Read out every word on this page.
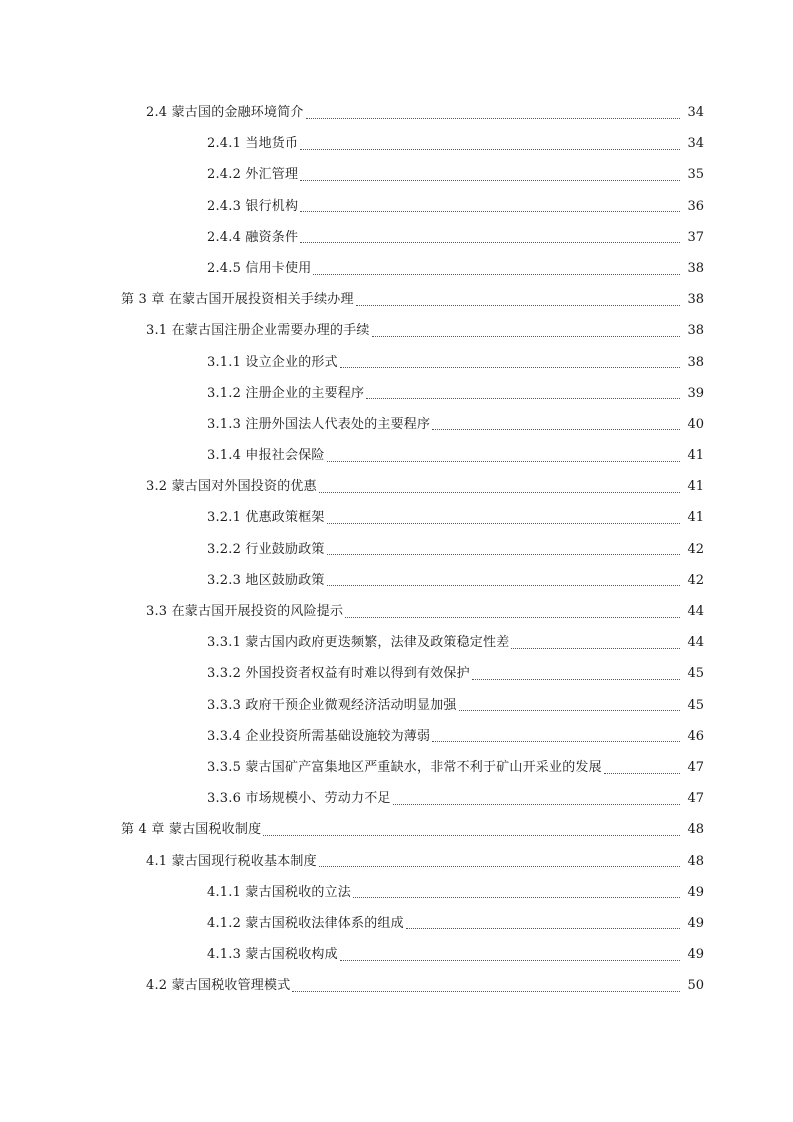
2.4 蒙古国的金融环境简介	34
2.4.1 当地货币	34
2.4.2 外汇管理	35
2.4.3 银行机构	36
2.4.4 融资条件	37
2.4.5 信用卡使用	38
第 3 章 在蒙古国开展投资相关手续办理	38
3.1 在蒙古国注册企业需要办理的手续	38
3.1.1 设立企业的形式	38
3.1.2 注册企业的主要程序	39
3.1.3 注册外国法人代表处的主要程序	40
3.1.4 申报社会保险	41
3.2 蒙古国对外国投资的优惠	41
3.2.1 优惠政策框架	41
3.2.2 行业鼓励政策	42
3.2.3 地区鼓励政策	42
3.3 在蒙古国开展投资的风险提示	44
3.3.1 蒙古国内政府更迭频繁，法律及政策稳定性差	44
3.3.2 外国投资者权益有时难以得到有效保护	45
3.3.3 政府干预企业微观经济活动明显加强	45
3.3.4 企业投资所需基础设施较为薄弱	46
3.3.5 蒙古国矿产富集地区严重缺水，非常不利于矿山开采业的发展	47
3.3.6 市场规模小、劳动力不足	47
第 4 章 蒙古国税收制度	48
4.1 蒙古国现行税收基本制度	48
4.1.1 蒙古国税收的立法	49
4.1.2 蒙古国税收法律体系的组成	49
4.1.3 蒙古国税收构成	49
4.2 蒙古国税收管理模式	50
